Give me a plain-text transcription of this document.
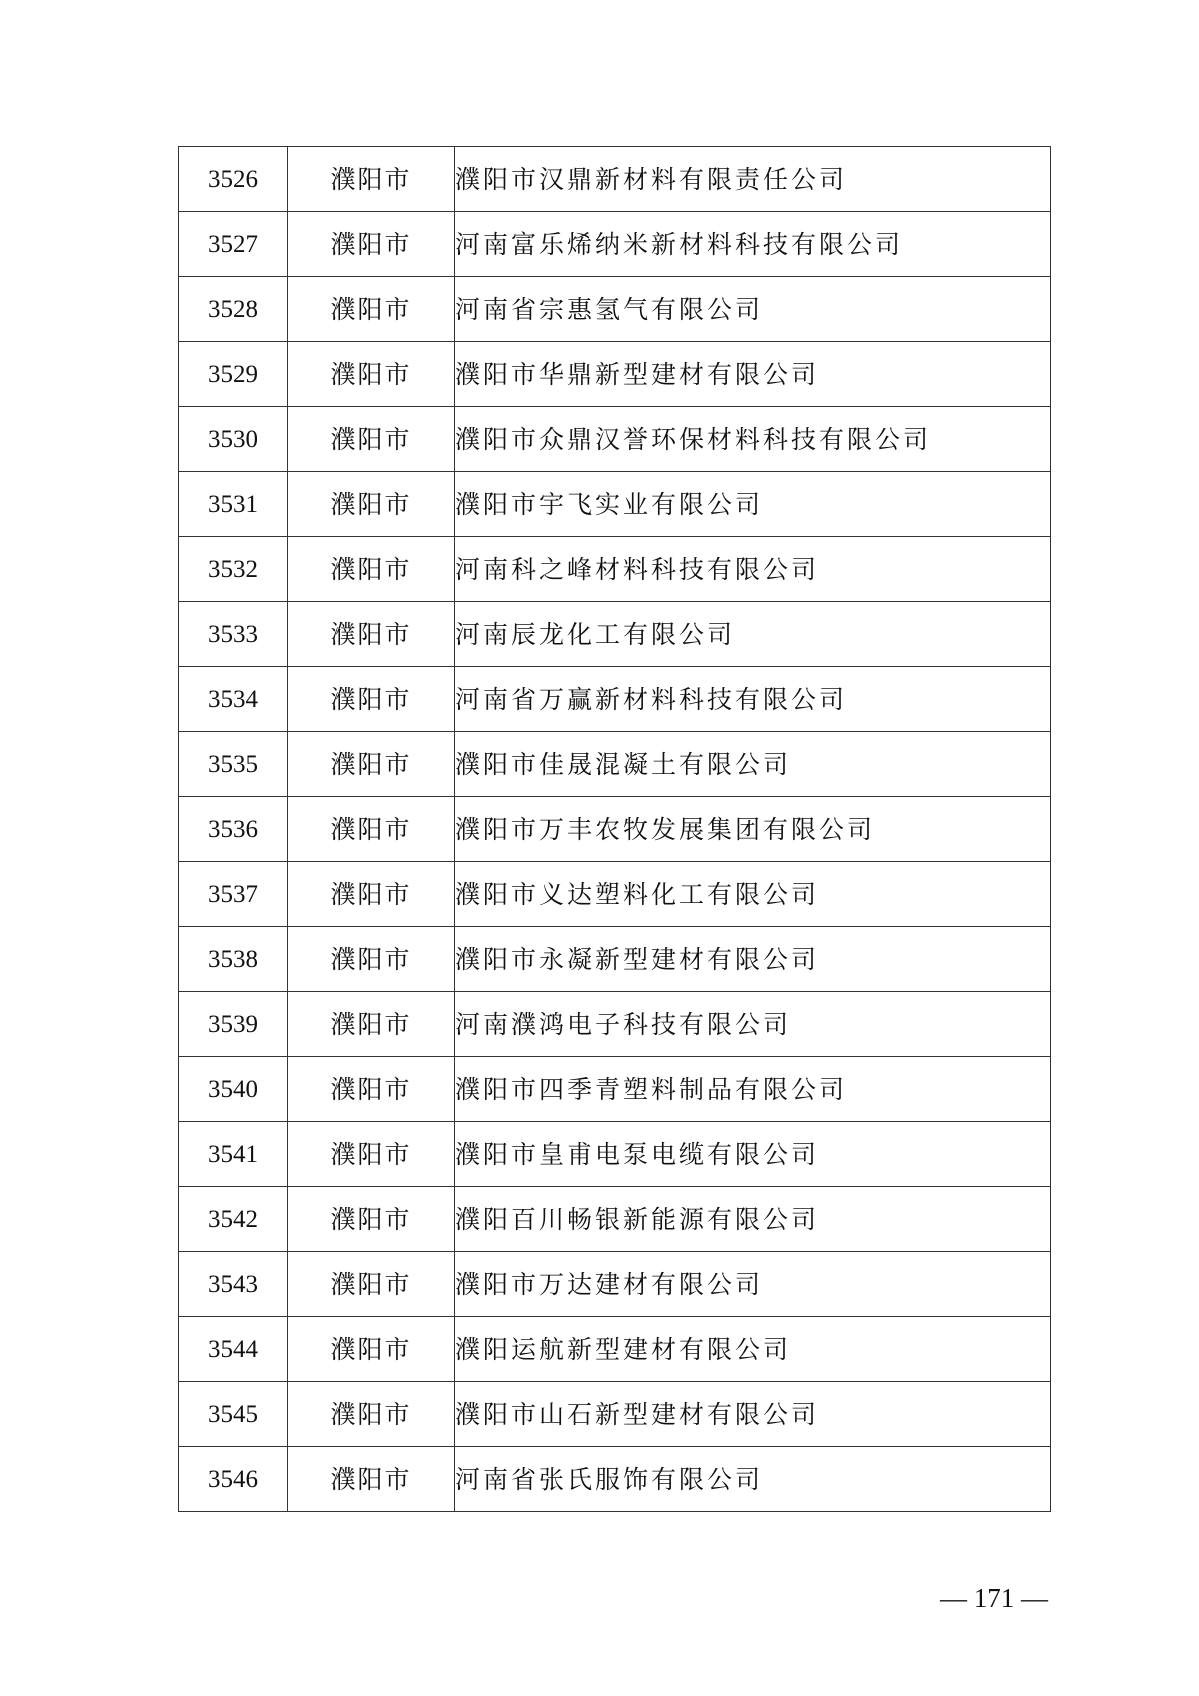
3526	濮阳市	濮阳市汉鼎新材料有限责任公司
3527	濮阳市	河南富乐烯纳米新材料科技有限公司
3528	濮阳市	河南省宗惠氢气有限公司
3529	濮阳市	濮阳市华鼎新型建材有限公司
3530	濮阳市	濮阳市众鼎汉誉环保材料科技有限公司
3531	濮阳市	濮阳市宇飞实业有限公司
3532	濮阳市	河南科之峰材料科技有限公司
3533	濮阳市	河南辰龙化工有限公司
3534	濮阳市	河南省万赢新材料科技有限公司
3535	濮阳市	濮阳市佳晟混凝土有限公司
3536	濮阳市	濮阳市万丰农牧发展集团有限公司
3537	濮阳市	濮阳市义达塑料化工有限公司
3538	濮阳市	濮阳市永凝新型建材有限公司
3539	濮阳市	河南濮鸿电子科技有限公司
3540	濮阳市	濮阳市四季青塑料制品有限公司
3541	濮阳市	濮阳市皇甫电泵电缆有限公司
3542	濮阳市	濮阳百川畅银新能源有限公司
3543	濮阳市	濮阳市万达建材有限公司
3544	濮阳市	濮阳运航新型建材有限公司
3545	濮阳市	濮阳市山石新型建材有限公司
3546	濮阳市	河南省张氏服饰有限公司
— 171 —
